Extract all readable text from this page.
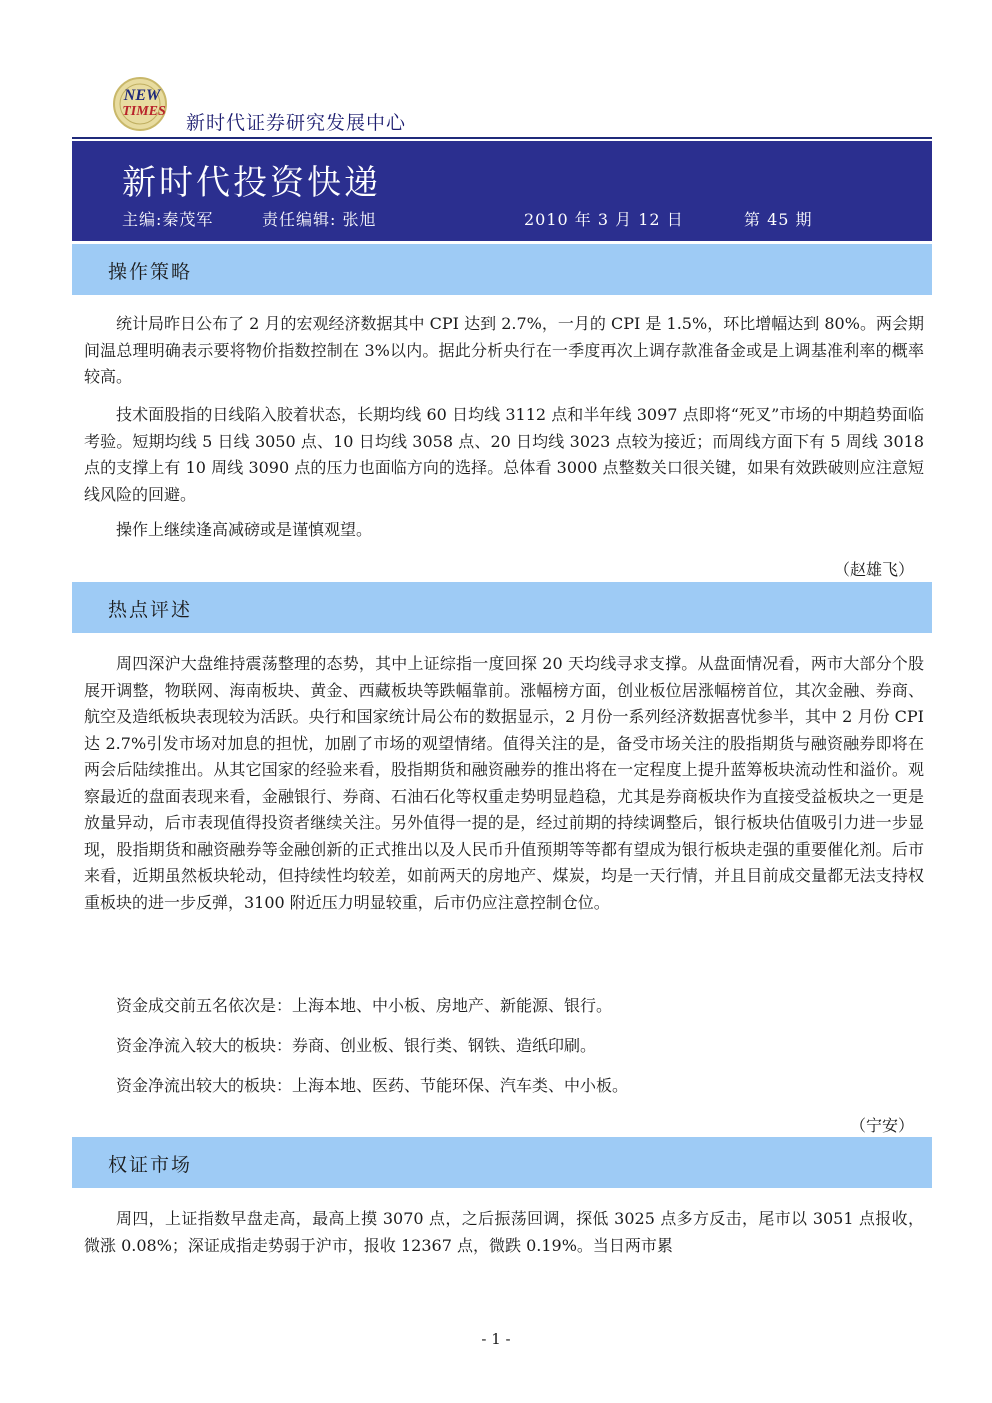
NEW
TIMES
新时代证券研究发展中心
新时代投资快递
主编:秦茂军	责任编辑: 张旭	2010 年 3 月 12 日	第 45 期
操作策略

统计局昨日公布了 2 月的宏观经济数据其中 CPI 达到 2.7%，一月的 CPI 是 1.5%，环比增幅达到 80%。两会期间温总理明确表示要将物价指数控制在 3%以内。据此分析央行在一季度再次上调存款准备金或是上调基准利率的概率较高。

技术面股指的日线陷入胶着状态，长期均线 60 日均线 3112 点和半年线 3097 点即将“死叉”市场的中期趋势面临考验。短期均线 5 日线 3050 点、10 日均线 3058 点、20 日均线 3023 点较为接近；而周线方面下有 5 周线 3018 点的支撑上有 10 周线 3090 点的压力也面临方向的选择。总体看 3000 点整数关口很关键，如果有效跌破则应注意短线风险的回避。

操作上继续逢高减磅或是谨慎观望。

（赵雄飞）
热点评述

周四深沪大盘维持震荡整理的态势，其中上证综指一度回探 20 天均线寻求支撑。从盘面情况看，两市大部分个股展开调整，物联网、海南板块、黄金、西藏板块等跌幅靠前。涨幅榜方面，创业板位居涨幅榜首位，其次金融、券商、航空及造纸板块表现较为活跃。央行和国家统计局公布的数据显示，2 月份一系列经济数据喜忧参半，其中 2 月份 CPI 达 2.7%引发市场对加息的担忧，加剧了市场的观望情绪。值得关注的是，备受市场关注的股指期货与融资融券即将在两会后陆续推出。从其它国家的经验来看，股指期货和融资融券的推出将在一定程度上提升蓝筹板块流动性和溢价。观察最近的盘面表现来看，金融银行、券商、石油石化等权重走势明显趋稳，尤其是券商板块作为直接受益板块之一更是放量异动，后市表现值得投资者继续关注。另外值得一提的是，经过前期的持续调整后，银行板块估值吸引力进一步显现，股指期货和融资融券等金融创新的正式推出以及人民币升值预期等等都有望成为银行板块走强的重要催化剂。后市来看，近期虽然板块轮动，但持续性均较差，如前两天的房地产、煤炭，均是一天行情，并且目前成交量都无法支持权重板块的进一步反弹，3100 附近压力明显较重，后市仍应注意控制仓位。

资金成交前五名依次是：上海本地、中小板、房地产、新能源、银行。

资金净流入较大的板块：券商、创业板、银行类、钢铁、造纸印刷。

资金净流出较大的板块：上海本地、医药、节能环保、汽车类、中小板。

（宁安）
权证市场

周四，上证指数早盘走高，最高上摸 3070 点，之后振荡回调，探低 3025 点多方反击，尾市以 3051 点报收，微涨 0.08%；深证成指走势弱于沪市，报收 12367 点，微跌 0.19%。当日两市累

- 1 -
